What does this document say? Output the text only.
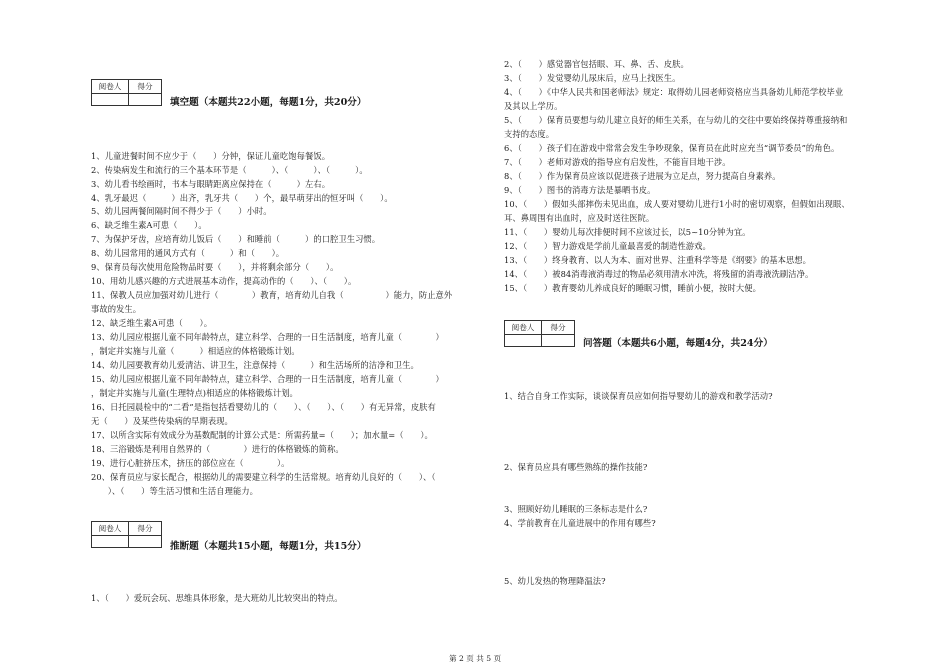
阅卷人	得分

填空题（本题共22小题，每题1分，共20分）
1、儿童进餐时间不应少于（　　）分钟，保证儿童吃饱每餐饭。
2、传染病发生和流行的三个基本环节是（　　　）、（　　　）、（　　　）。
3、幼儿看书绘画时，书本与眼睛距离应保持在（　　　）左右。
4、乳牙最迟（　　　）出齐，乳牙共（　　）个，最早萌芽出的恒牙叫（　　）。
5、幼儿园两餐间隔时间不得少于（　　）小时。
6、缺乏维生素A可患（　　）。
7、为保护牙齿，应培育幼儿饭后（　　）和睡前（　　　）的口腔卫生习惯。
8、幼儿园常用的通风方式有（　　　）和（　　）。
9、保育员每次使用危险物品时要（　　），并将剩余部分（　　）。
10、用幼儿感兴趣的方式进展基本动作，提高动作的（　　）、（　　）。
11、保教人员应加强对幼儿进行（　　　　）教育，培育幼儿自我（　　　　　）能力，防止意外
事故的发生。
12、缺乏维生素A可患（　　）。
13、幼儿园应根据儿童不同年龄特点，建立科学、合理的一日生活制度，培育儿童（　　　　）
，制定并实施与儿童（　　　）相适应的体格锻炼计划。
14、幼儿园要教育幼儿爱清洁、讲卫生，注意保持（　　　）和生活场所的洁净和卫生。
15、幼儿园应根据儿童不同年龄特点，建立科学、合理的一日生活制度，培育儿童（　　　　）
，制定并实施与儿童(生理特点)相适应的体格锻炼计划。
16、日托园晨检中的“二看”是指包括看婴幼儿的（　　）、（　　）、（　　）有无异常，皮肤有
无（　　）及某些传染病的早期表现。
17、以所含实际有效成分为基数配制的计算公式是：所需药量=（　　）；加水量=（　　）。
18、三浴锻炼是利用自然界的（　　　　）进行的体格锻炼的简称。
19、进行心脏挤压术，挤压的部位应在（　　　　）。
20、保育员应与家长配合，根据幼儿的需要建立科学的生活常规。培育幼儿良好的（　　）、（
　　）、（　　）等生活习惯和生活自理能力。
阅卷人	得分

推断题（本题共15小题，每题1分，共15分）
1、（　　）爱玩会玩、思维具体形象，是大班幼儿比较突出的特点。
2、（　　）感觉器官包括眼、耳、鼻、舌、皮肤。
3、（　　）发觉婴幼儿尿床后，应马上找医生。
4、（　　）《中华人民共和国老师法》规定：取得幼儿园老师资格应当具备幼儿师范学校毕业
及其以上学历。
5、（　　）保育员要想与幼儿建立良好的师生关系，在与幼儿的交往中要始终保持尊重接纳和
支持的态度。
6、（　　）孩子们在游戏中常常会发生争吵现象，保育员在此时应充当“调节委员”的角色。
7、（　　）老师对游戏的指导应有启发性，不能盲目地干涉。
8、（　　）作为保育员应该以促进孩子进展为立足点，努力提高自身素养。
9、（　　）图书的消毒方法是暴晒书皮。
10、（　　）假如头部摔伤未见出血，成人要对婴幼儿进行1小时的密切观察，但假如出现眼、
耳、鼻周围有出血时，应及时送往医院。
11、（　　）婴幼儿每次排便时间不应该过长，以5~10分钟为宜。
12、（　　）智力游戏是学前儿童最喜爱的制造性游戏。
13、（　　）终身教育、以人为本、面对世界、注重科学等是《纲要》的基本思想。
14、（　　）被84消毒液消毒过的物品必须用清水冲洗，将残留的消毒液洗刷洁净。
15、（　　）教育婴幼儿养成良好的睡眠习惯，睡前小便，按时大便。
阅卷人	得分

问答题（本题共6小题，每题4分，共24分）
1、结合自身工作实际，谈谈保育员应如何指导婴幼儿的游戏和教学活动?
2、保育员应具有哪些熟练的操作技能?
3、照顾好幼儿睡眠的三条标志是什么?
4、学前教育在儿童进展中的作用有哪些?
5、幼儿发热的物理降温法?
第 2 页 共 5 页
